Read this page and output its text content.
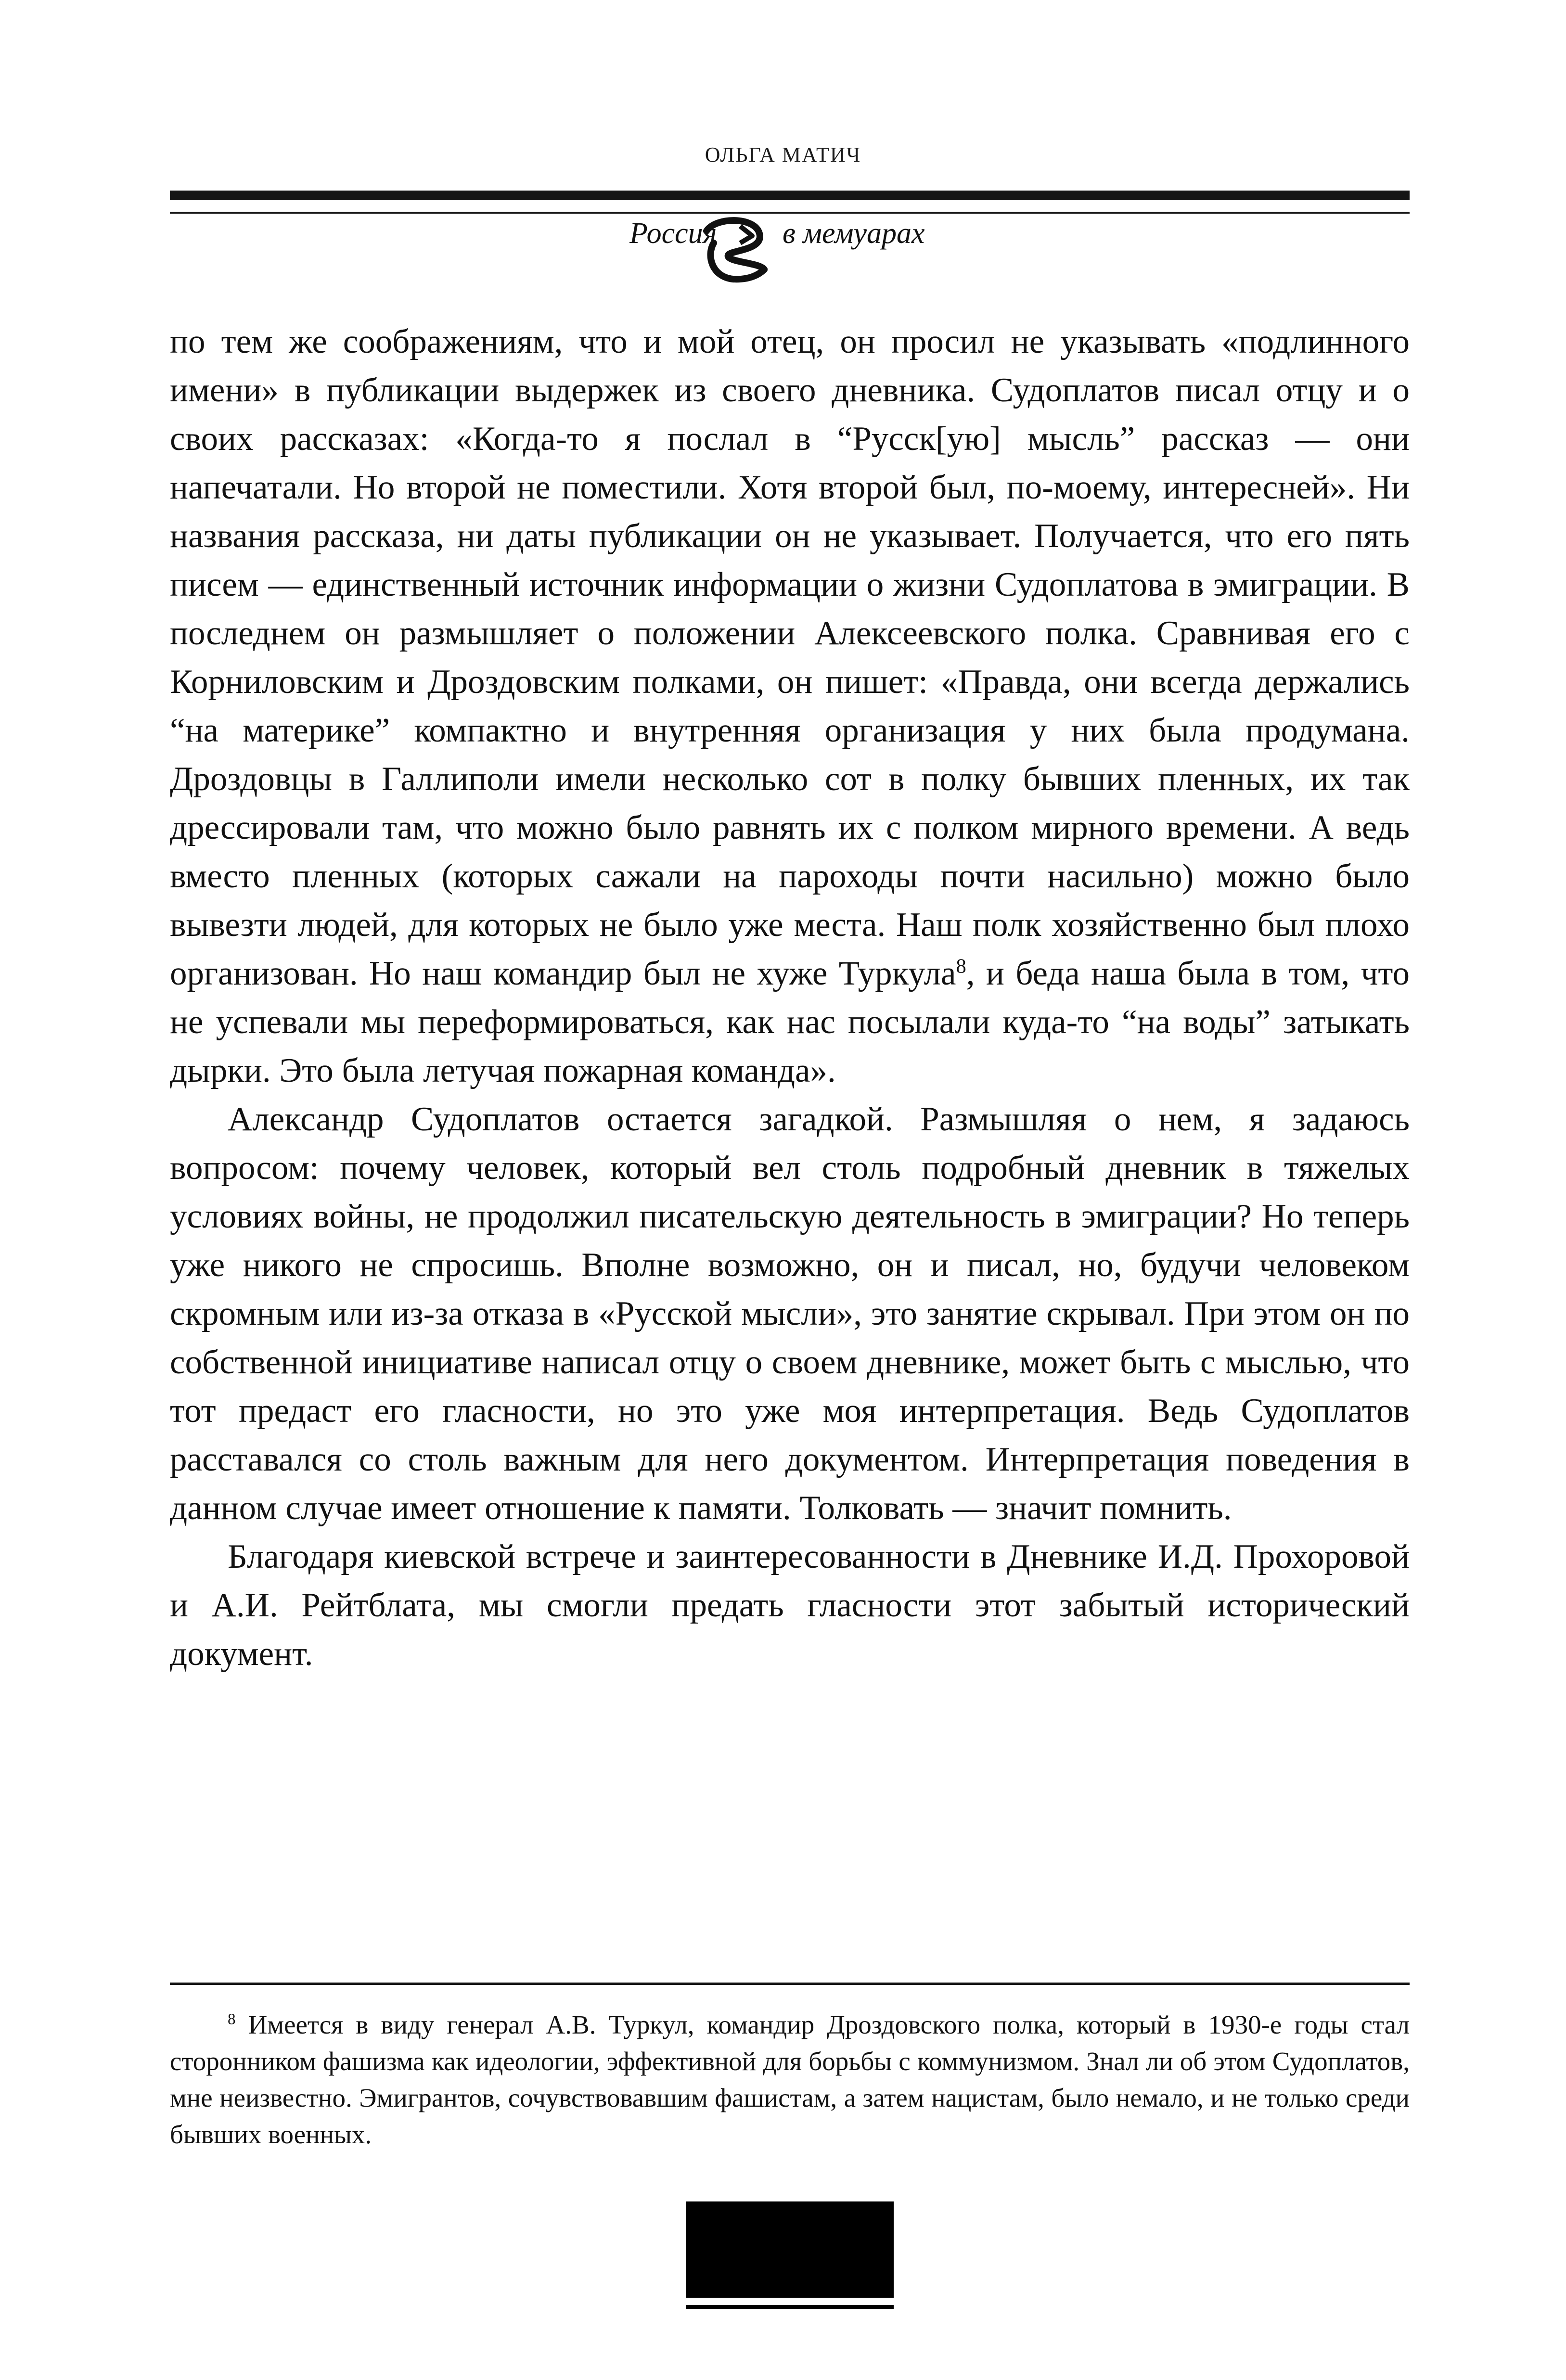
ОЛЬГА МАТИЧ
Россия в мемуарах

по тем же соображениям, что и мой отец, он просил не указывать «подлинного имени» в публикации выдержек из своего дневника. Судоплатов писал отцу и о своих рассказах: «Когда-то я послал в “Русск[ую] мысль” рассказ — они напечатали. Но второй не поместили. Хотя второй был, по-моему, интересней». Ни названия рассказа, ни даты публикации он не указывает. Получается, что его пять писем — единственный источник информации о жизни Судоплатова в эмиграции. В последнем он размышляет о положении Алексеевского полка. Сравнивая его с Корниловским и Дроздовским полками, он пишет: «Правда, они всегда держались “на материке” компактно и внутренняя организация у них была продумана. Дроздовцы в Галлиполи имели несколько сот в полку бывших пленных, их так дрессировали там, что можно было равнять их с полком мирного времени. А ведь вместо пленных (которых сажали на пароходы почти насильно) можно было вывезти людей, для которых не было уже места. Наш полк хозяйственно был плохо организован. Но наш командир был не хуже Туркула$^8$, и беда наша была в том, что не успевали мы переформироваться, как нас посылали куда-то “на воды” затыкать дырки. Это была летучая пожарная команда».

Александр Судоплатов остается загадкой. Размышляя о нем, я задаюсь вопросом: почему человек, который вел столь подробный дневник в тяжелых условиях войны, не продолжил писательскую деятельность в эмиграции? Но теперь уже никого не спросишь. Вполне возможно, он и писал, но, будучи человеком скромным или из-за отказа в «Русской мысли», это занятие скрывал. При этом он по собственной инициативе написал отцу о своем дневнике, может быть с мыслью, что тот предаст его гласности, но это уже моя интерпретация. Ведь Судоплатов расставался со столь важным для него документом. Интерпретация поведения в данном случае имеет отношение к памяти. Толковать — значит помнить.

Благодаря киевской встрече и заинтересованности в Дневнике И.Д. Прохоровой и А.И. Рейтблата, мы смогли предать гласности этот забытый исторический документ.

$^8$ Имеется в виду генерал А.В. Туркул, командир Дроздовского полка, который в 1930-е годы стал сторонником фашизма как идеологии, эффективной для борьбы с коммунизмом. Знал ли об этом Судоплатов, мне неизвестно. Эмигрантов, сочувствовавшим фашистам, а затем нацистам, было немало, и не только среди бывших военных.
